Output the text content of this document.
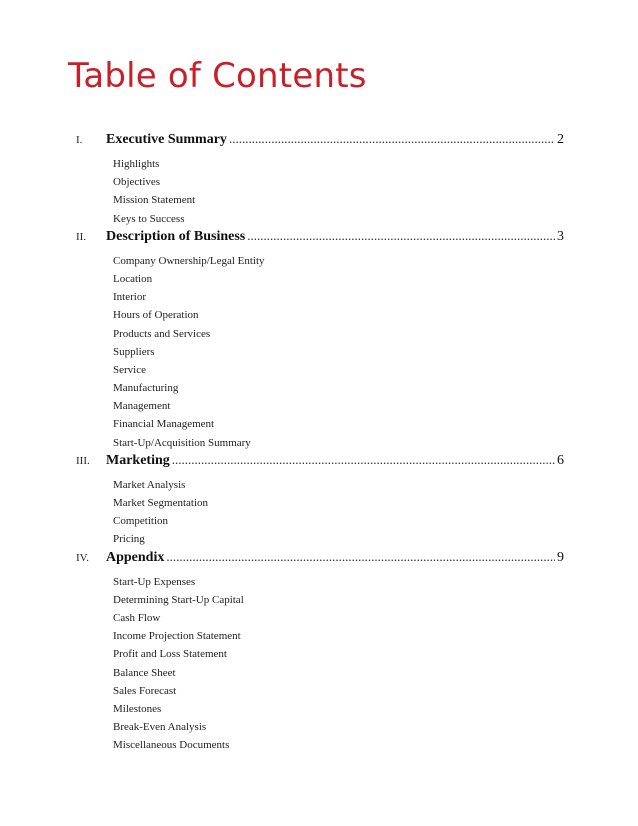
Table of Contents
I.	Executive Summary .....	2
Highlights
Objectives
Mission Statement
Keys to Success
II.	Description of Business .....	3
Company Ownership/Legal Entity
Location
Interior
Hours of Operation
Products and Services
Suppliers
Service
Manufacturing
Management
Financial Management
Start-Up/Acquisition Summary
III.	Marketing .....	6
Market Analysis
Market Segmentation
Competition
Pricing
IV.	Appendix .....	9
Start-Up Expenses
Determining Start-Up Capital
Cash Flow
Income Projection Statement
Profit and Loss Statement
Balance Sheet
Sales Forecast
Milestones
Break-Even Analysis
Miscellaneous Documents
